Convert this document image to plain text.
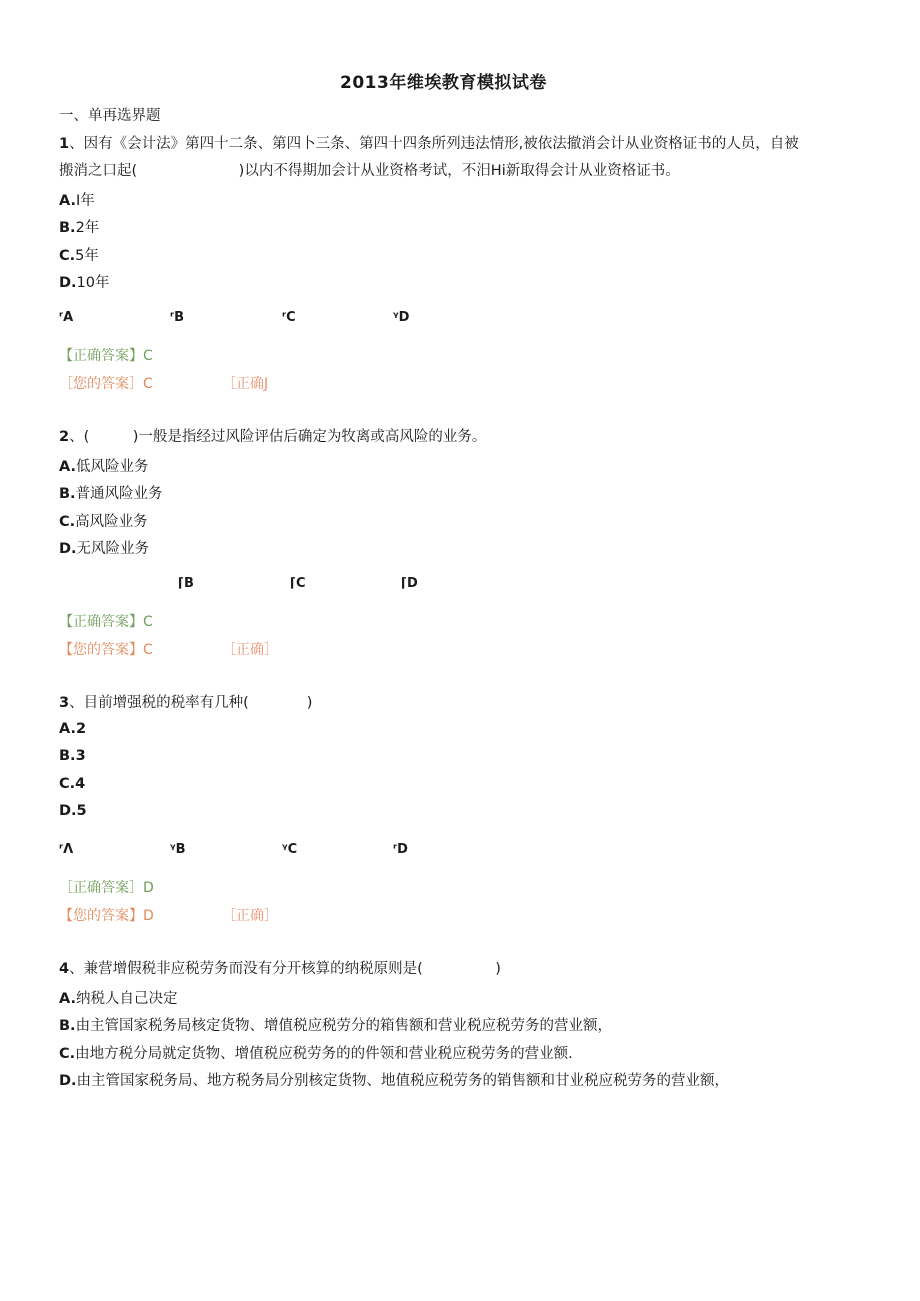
2013年维埃教育模拟试卷
一、单再选界题
1、因有《会计法》第四十二条、第四卜三条、第四十四条所列违法情形,被依法撤消会计从业资格证书的人员，自被
搬消之口起(　　　　　　　)以内不得期加会计从业资格考试，不汨Hi新取得会计从业资格证书。
A.I年
B.2年
C.5年
D.10年
ʳA	ʳB	ʳC	ᵞD
【正确答案】C
［您的答案］C	［正确J
2、(　　　)一般是指经过风险评估后确定为牧离或高风险的业务。
A.低风险业务
B.普通风险业务
C.高风险业务
D.无风险业务
⌈B	⌈C	⌈D
【正确答案】C
【您的答案】C	［正确］
3、目前增强税的税率有几种(　　　　)
A.2
B.3
C.4
D.5
ʳΛ	ᵞB	ᵞC	ʳD
［正确答案］D
【您的答案】D	［正确］
4、兼营增假税非应税劳务而没有分开核算的纳税原则是(　　　　　)
A.纳税人自己决定
B.由主管国家税务局核定货物、增值税应税劳分的箱售额和营业税应税劳务的营业额，
C.由地方税分局就定货物、增值税应税劳务的的件领和营业税应税劳务的营业额.
D.由主管国家税务局、地方税务局分别核定货物、地值税应税劳务的销售额和甘业税应税劳务的营业额，
